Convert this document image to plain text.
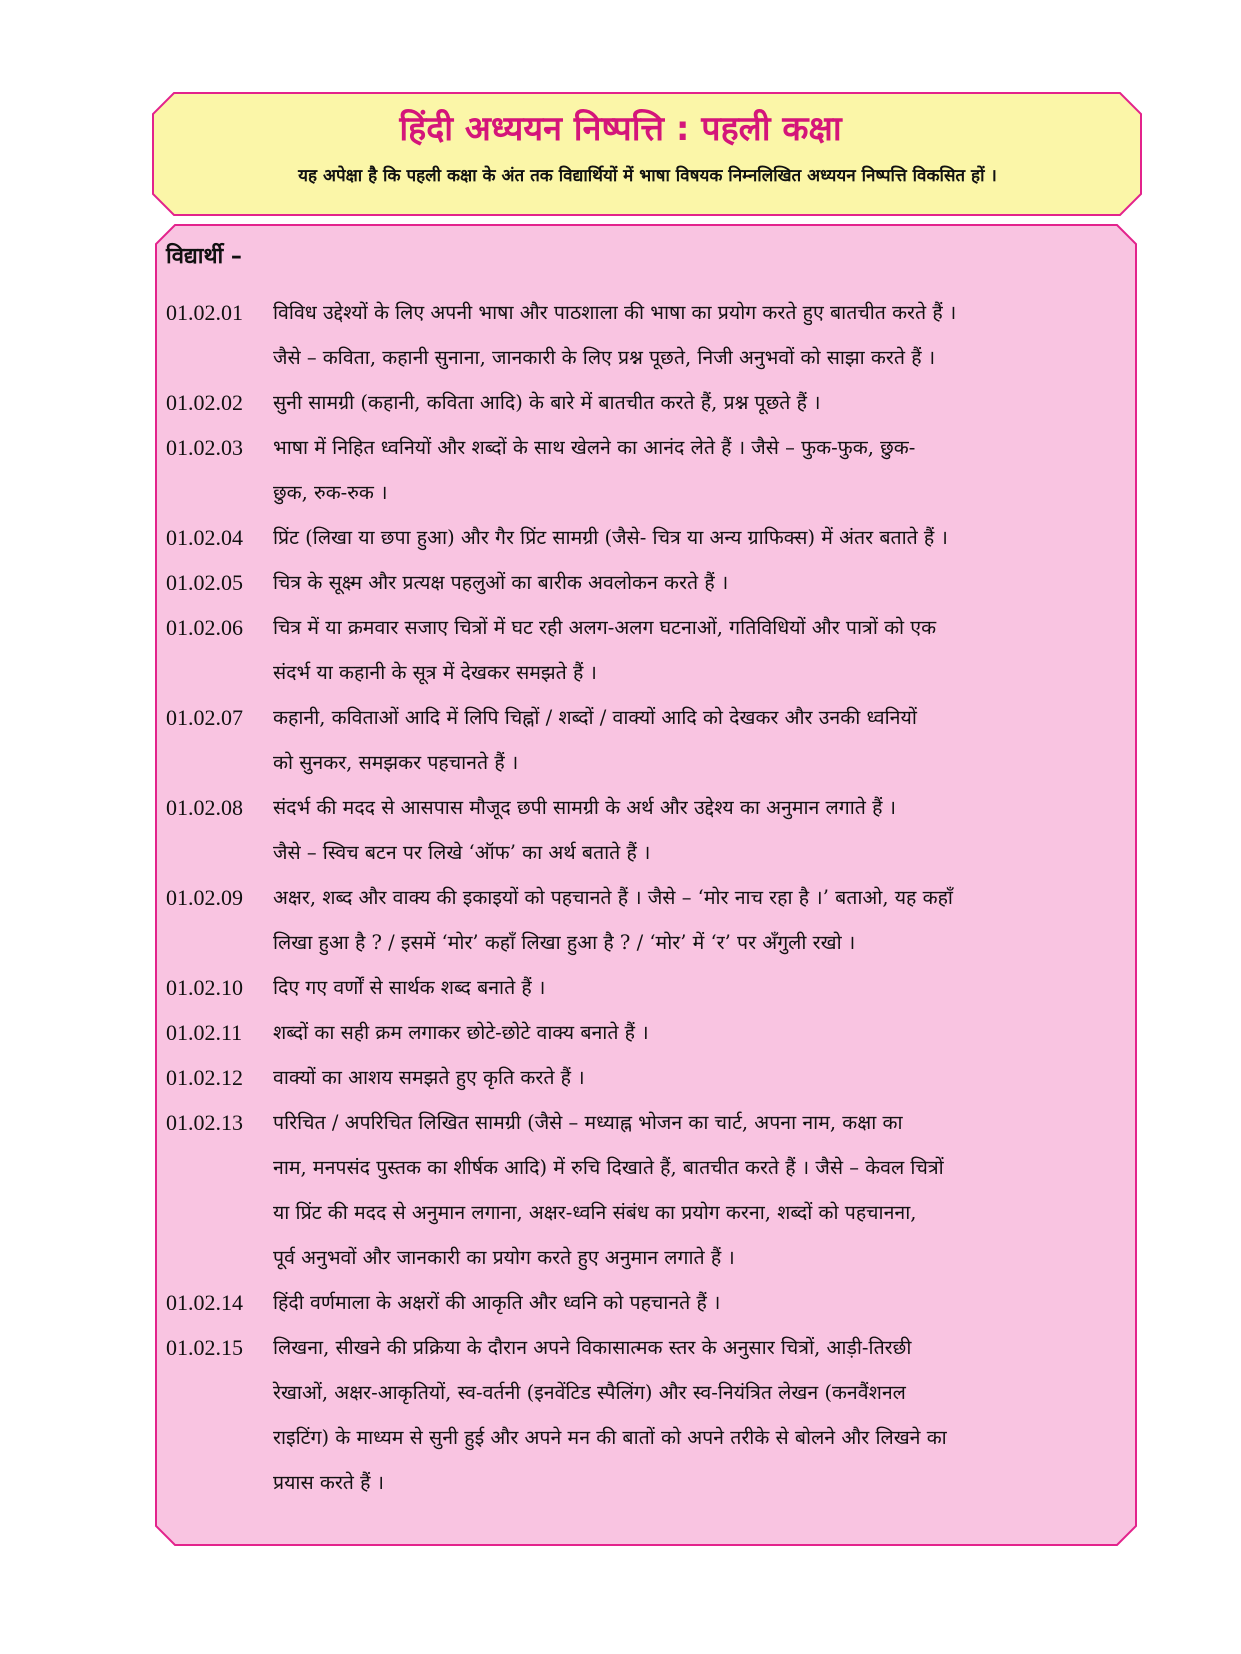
हिंदी अध्ययन निष्पत्ति : पहली कक्षा
यह अपेक्षा है कि पहली कक्षा के अंत तक विद्यार्थियों में भाषा विषयक निम्नलिखित अध्ययन निष्पत्ति विकसित हों ।
विद्यार्थी –
01.02.01	विविध उद्देश्यों के लिए अपनी भाषा और पाठशाला की भाषा का प्रयोग करते हुए बातचीत करते हैं ।
जैसे – कविता, कहानी सुनाना, जानकारी के लिए प्रश्न पूछते, निजी अनुभवों को साझा करते हैं ।
01.02.02	सुनी सामग्री (कहानी, कविता आदि) के बारे में बातचीत करते हैं, प्रश्न पूछते हैं ।
01.02.03	भाषा में निहित ध्वनियों और शब्दों के साथ खेलने का आनंद लेते हैं । जैसे – फुक-फुक, छुक-
छुक, रुक-रुक ।
01.02.04	प्रिंट (लिखा या छपा हुआ) और गैर प्रिंट सामग्री (जैसे- चित्र या अन्य ग्राफिक्स) में अंतर बताते हैं ।
01.02.05	चित्र के सूक्ष्म और प्रत्यक्ष पहलुओं का बारीक अवलोकन करते हैं ।
01.02.06	चित्र में या क्रमवार सजाए चित्रों में घट रही अलग-अलग घटनाओं, गतिविधियों और पात्रों को एक
संदर्भ या कहानी के सूत्र में देखकर समझते हैं ।
01.02.07	कहानी, कविताओं आदि में लिपि चिह्नों / शब्दों / वाक्यों आदि को देखकर और उनकी ध्वनियों
को सुनकर, समझकर पहचानते हैं ।
01.02.08	संदर्भ की मदद से आसपास मौजूद छपी सामग्री के अर्थ और उद्देश्य का अनुमान लगाते हैं ।
जैसे – स्विच बटन पर लिखे ‘ऑफ’ का अर्थ बताते हैं ।
01.02.09	अक्षर, शब्द और वाक्य की इकाइयों को पहचानते हैं । जैसे – ‘मोर नाच रहा है ।’ बताओ, यह कहाँ
लिखा हुआ है ? / इसमें ‘मोर’ कहाँ लिखा हुआ है ? / ‘मोर’ में ‘र’ पर अँगुली रखो ।
01.02.10	दिए गए वर्णों से सार्थक शब्द बनाते हैं ।
01.02.11	शब्दों का सही क्रम लगाकर छोटे-छोटे वाक्य बनाते हैं ।
01.02.12	वाक्यों का आशय समझते हुए कृति करते हैं ।
01.02.13	परिचित / अपरिचित लिखित सामग्री (जैसे – मध्याह्न भोजन का चार्ट, अपना नाम, कक्षा का
नाम, मनपसंद पुस्तक का शीर्षक आदि) में रुचि दिखाते हैं, बातचीत करते हैं । जैसे – केवल चित्रों
या प्रिंट की मदद से अनुमान लगाना, अक्षर-ध्वनि संबंध का प्रयोग करना, शब्दों को पहचानना,
पूर्व अनुभवों और जानकारी का प्रयोग करते हुए अनुमान लगाते हैं ।
01.02.14	हिंदी वर्णमाला के अक्षरों की आकृति और ध्वनि को पहचानते हैं ।
01.02.15	लिखना, सीखने की प्रक्रिया के दौरान अपने विकासात्मक स्तर के अनुसार चित्रों, आड़ी-तिरछी
रेखाओं, अक्षर-आकृतियों, स्व-वर्तनी (इनवेंटिड स्पैलिंग) और स्व-नियंत्रित लेखन (कनवैंशनल
राइटिंग) के माध्यम से सुनी हुई और अपने मन की बातों को अपने तरीके से बोलने और लिखने का
प्रयास करते हैं ।
